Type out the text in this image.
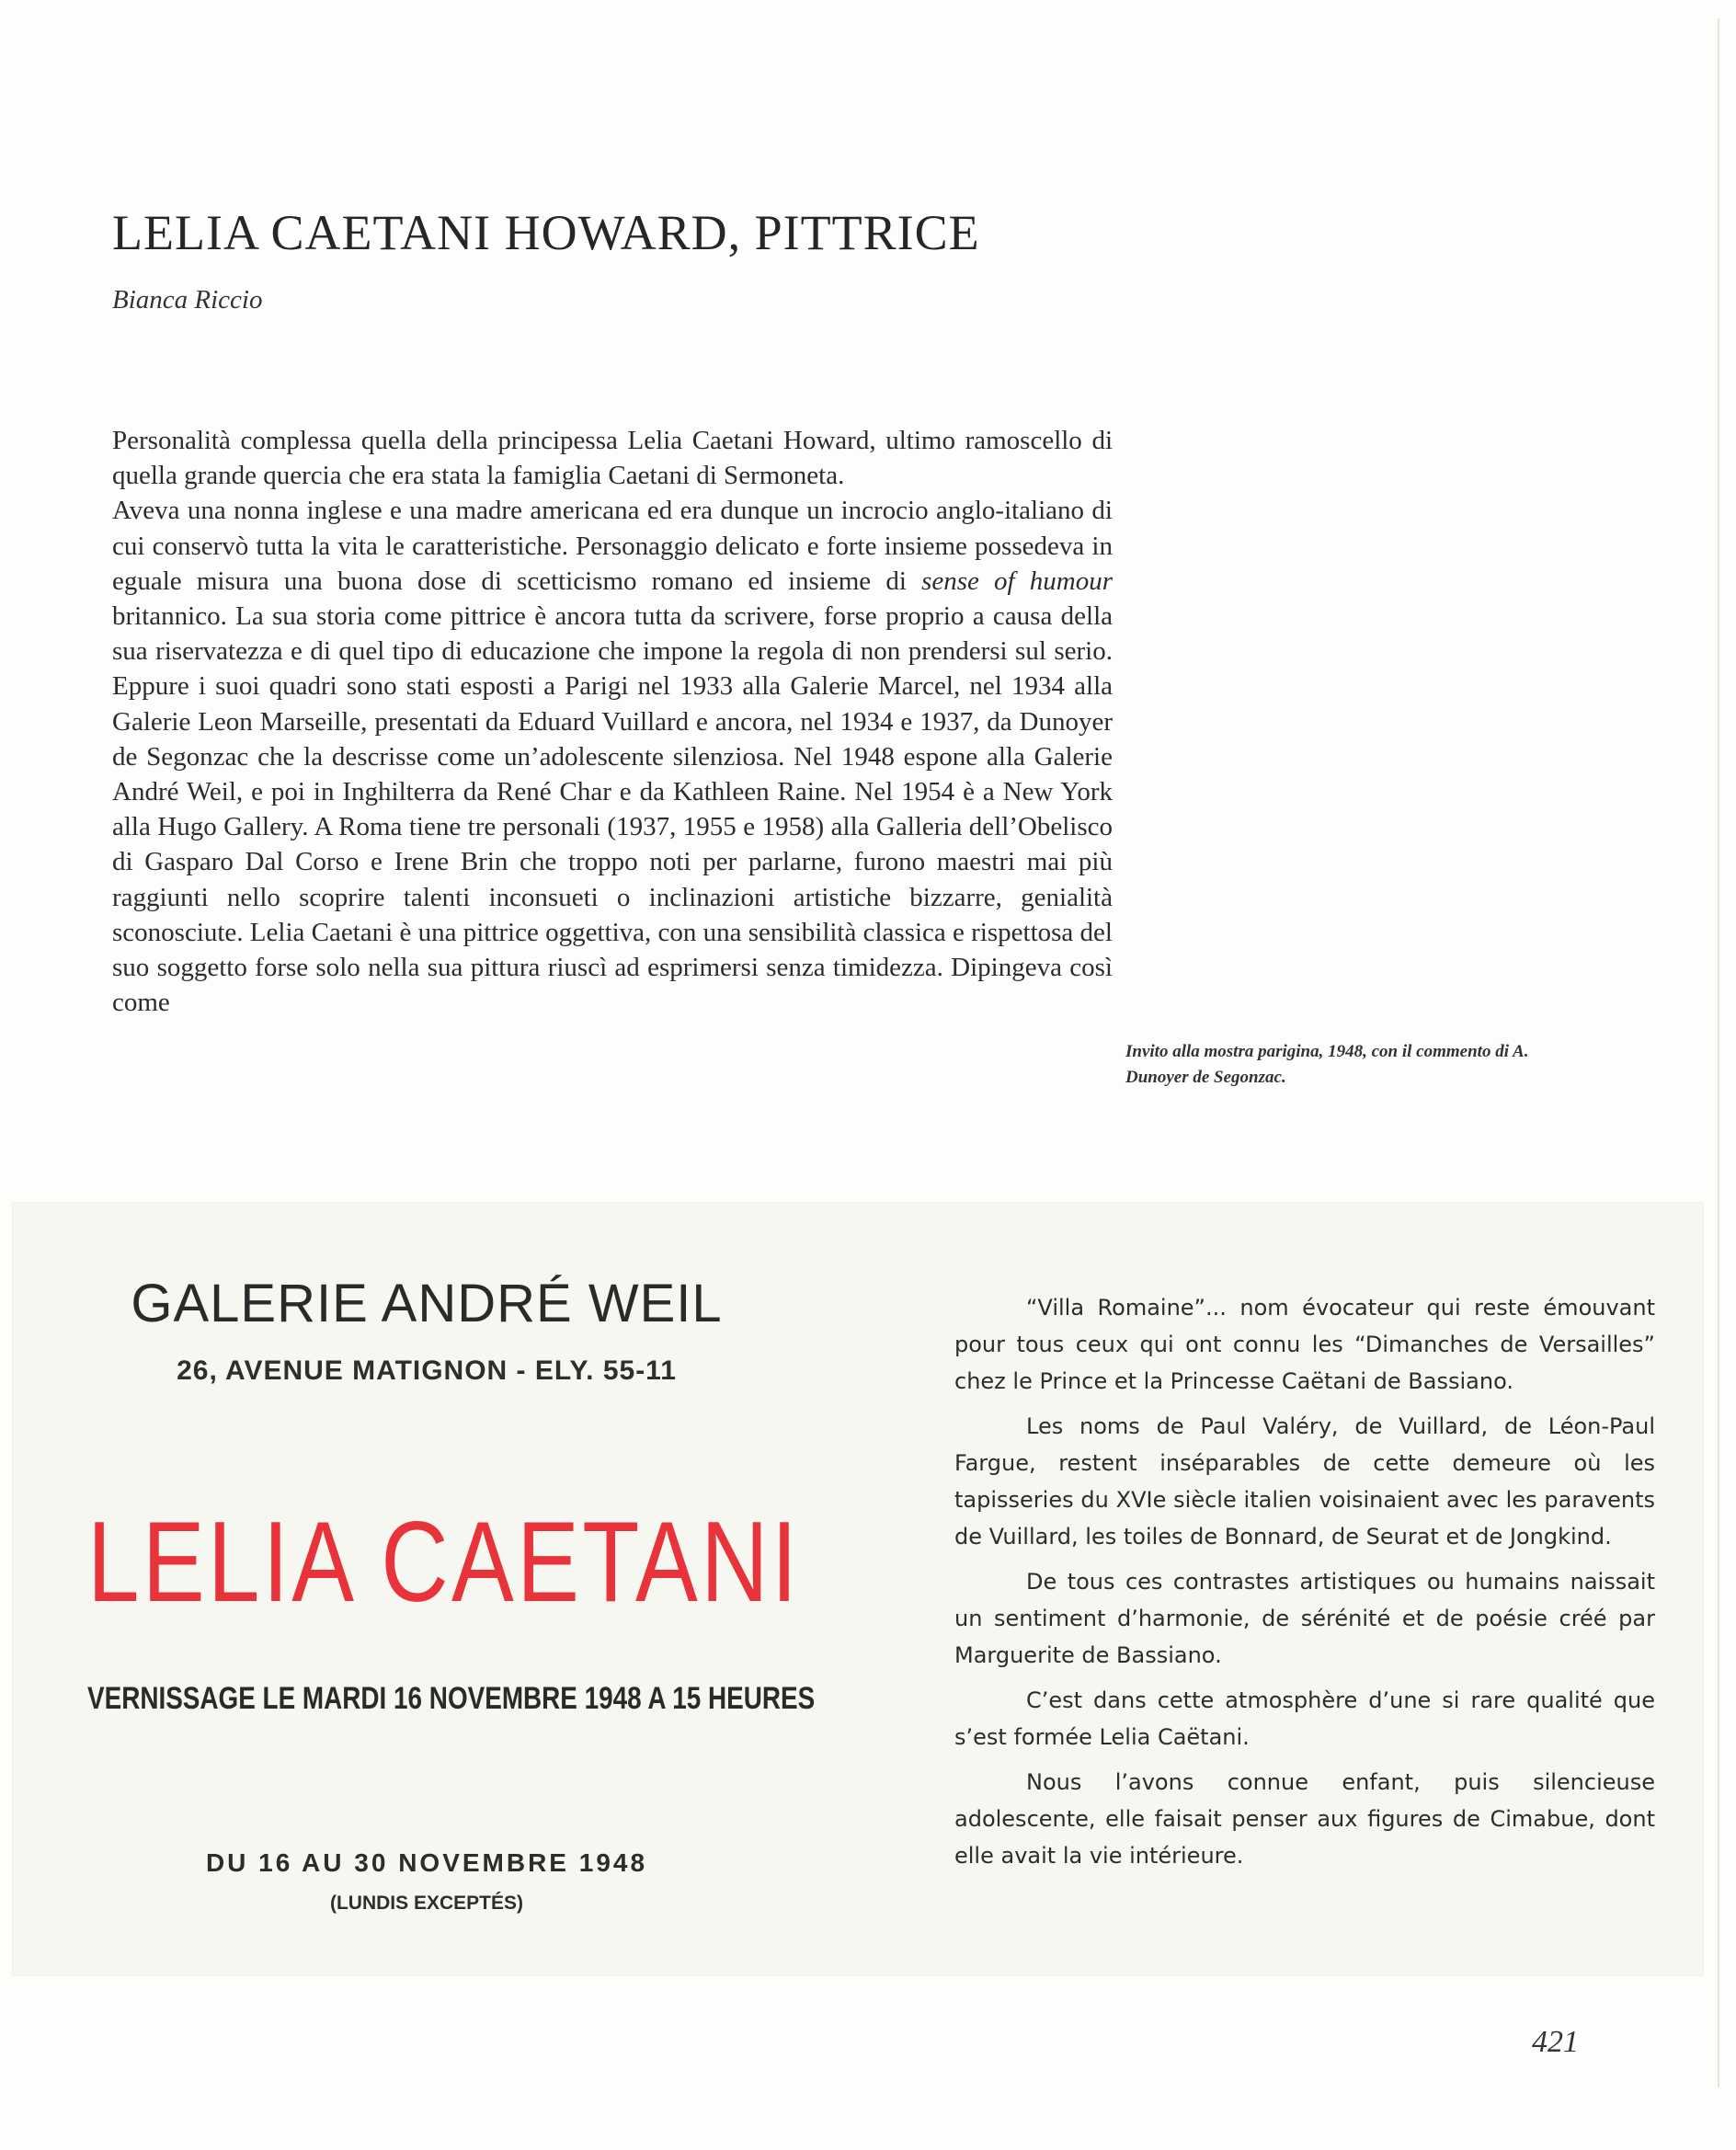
LELIA CAETANI HOWARD, PITTRICE
Bianca Riccio

Personalità complessa quella della principessa Lelia Caetani Howard, ultimo ramoscello di quella grande quercia che era stata la famiglia Caetani di Sermoneta.

Aveva una nonna inglese e una madre americana ed era dunque un incrocio anglo-italiano di cui conservò tutta la vita le caratteristiche. Personaggio delicato e forte insieme possedeva in eguale misura una buona dose di scetticismo romano ed insieme di sense of humour britannico. La sua storia come pittrice è ancora tutta da scrivere, forse proprio a causa della sua riservatezza e di quel tipo di educazione che impone la regola di non prendersi sul serio. Eppure i suoi quadri sono stati esposti a Parigi nel 1933 alla Galerie Marcel, nel 1934 alla Galerie Leon Marseille, presentati da Eduard Vuillard e ancora, nel 1934 e 1937, da Dunoyer de Segonzac che la descrisse come un’adolescente silenziosa. Nel 1948 espone alla Galerie André Weil, e poi in Inghilterra da René Char e da Kathleen Raine. Nel 1954 è a New York alla Hugo Gallery. A Roma tiene tre personali (1937, 1955 e 1958) alla Galleria dell’Obelisco di Gasparo Dal Corso e Irene Brin che troppo noti per parlarne, furono maestri mai più raggiunti nello scoprire talenti inconsueti o inclinazioni artistiche bizzarre, genialità sconosciute. Lelia Caetani è una pittrice oggettiva, con una sensibilità classica e rispettosa del suo soggetto forse solo nella sua pittura riuscì ad esprimersi senza timidezza. Dipingeva così come

Invito alla mostra parigina, 1948, con il commento di A. Dunoyer de Segonzac.
GALERIE ANDRÉ WEIL
26, AVENUE MATIGNON - ELY. 55-11
LELIA CAETANI
VERNISSAGE LE MARDI 16 NOVEMBRE 1948 A 15 HEURES
DU 16 AU 30 NOVEMBRE 1948
(LUNDIS EXCEPTÉS)

“Villa Romaine”... nom évocateur qui reste émouvant pour tous ceux qui ont connu les “Dimanches de Versailles” chez le Prince et la Princesse Caëtani de Bassiano.

Les noms de Paul Valéry, de Vuillard, de Léon-Paul Fargue, restent inséparables de cette demeure où les tapisseries du XVIe siècle italien voisinaient avec les paravents de Vuillard, les toiles de Bonnard, de Seurat et de Jongkind.

De tous ces contrastes artistiques ou humains naissait un sentiment d’harmonie, de sérénité et de poésie créé par Marguerite de Bassiano.

C’est dans cette atmosphère d’une si rare qualité que s’est formée Lelia Caëtani.

Nous l’avons connue enfant, puis silencieuse adolescente, elle faisait penser aux figures de Cimabue, dont elle avait la vie intérieure.

421
